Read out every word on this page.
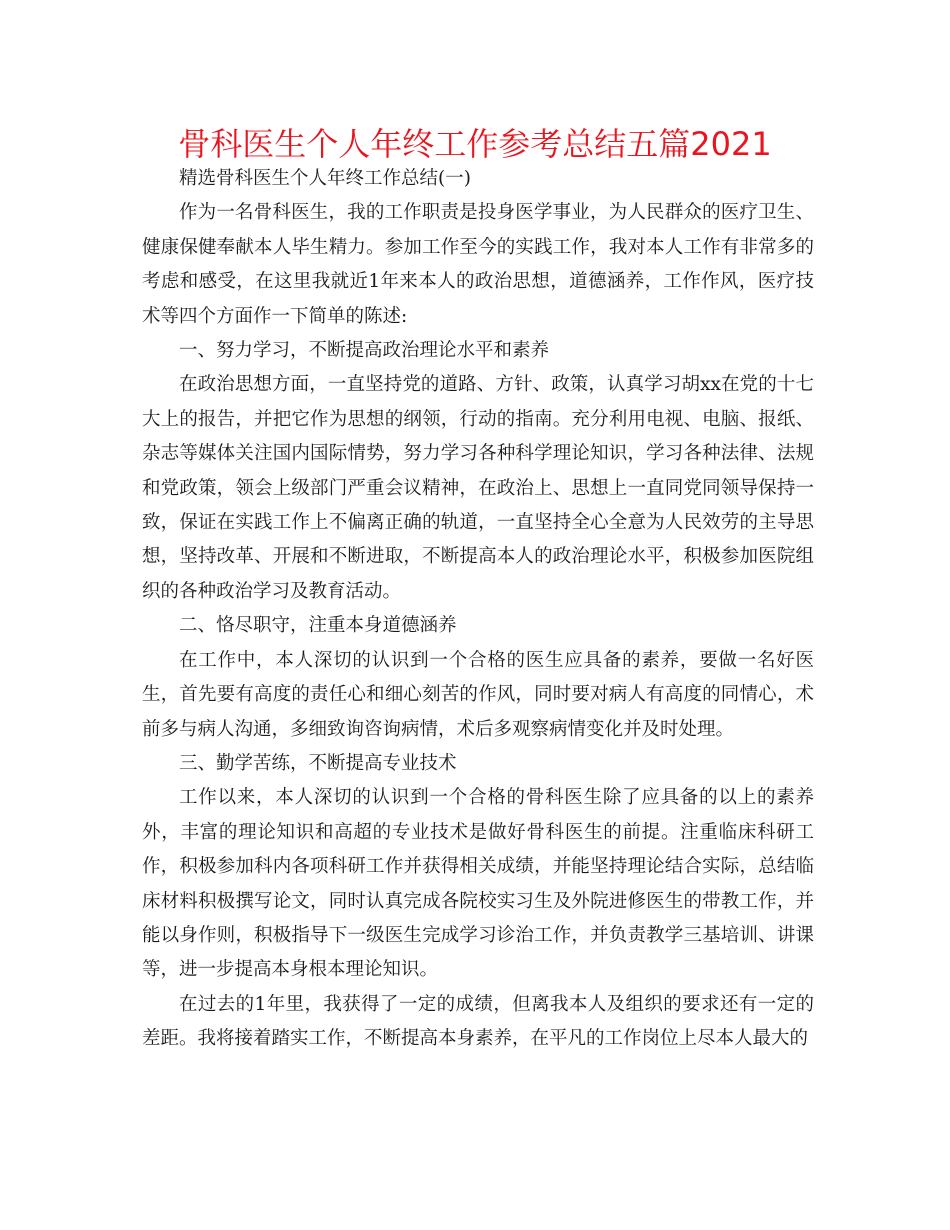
骨科医生个人年终工作参考总结五篇2021

精选骨科医生个人年终工作总结(一)

作为一名骨科医生，我的工作职责是投身医学事业，为人民群众的医疗卫生、健康保健奉献本人毕生精力。参加工作至今的实践工作，我对本人工作有非常多的考虑和感受，在这里我就近1年来本人的政治思想，道德涵养，工作作风，医疗技术等四个方面作一下简单的陈述:

一、努力学习，不断提高政治理论水平和素养

在政治思想方面，一直坚持党的道路、方针、政策，认真学习胡xx在党的十七大上的报告，并把它作为思想的纲领，行动的指南。充分利用电视、电脑、报纸、杂志等媒体关注国内国际情势，努力学习各种科学理论知识，学习各种法律、法规和党政策，领会上级部门严重会议精神，在政治上、思想上一直同党同领导保持一致，保证在实践工作上不偏离正确的轨道，一直坚持全心全意为人民效劳的主导思想，坚持改革、开展和不断进取，不断提高本人的政治理论水平，积极参加医院组织的各种政治学习及教育活动。

二、恪尽职守，注重本身道德涵养

在工作中，本人深切的认识到一个合格的医生应具备的素养，要做一名好医生，首先要有高度的责任心和细心刻苦的作风，同时要对病人有高度的同情心，术前多与病人沟通，多细致询咨询病情，术后多观察病情变化并及时处理。

三、勤学苦练，不断提高专业技术

工作以来，本人深切的认识到一个合格的骨科医生除了应具备的以上的素养外，丰富的理论知识和高超的专业技术是做好骨科医生的前提。注重临床科研工作，积极参加科内各项科研工作并获得相关成绩，并能坚持理论结合实际，总结临床材料积极撰写论文，同时认真完成各院校实习生及外院进修医生的带教工作，并能以身作则，积极指导下一级医生完成学习诊治工作，并负责教学三基培训、讲课等，进一步提高本身根本理论知识。

在过去的1年里，我获得了一定的成绩，但离我本人及组织的要求还有一定的差距。我将接着踏实工作，不断提高本身素养，在平凡的工作岗位上尽本人最大的
